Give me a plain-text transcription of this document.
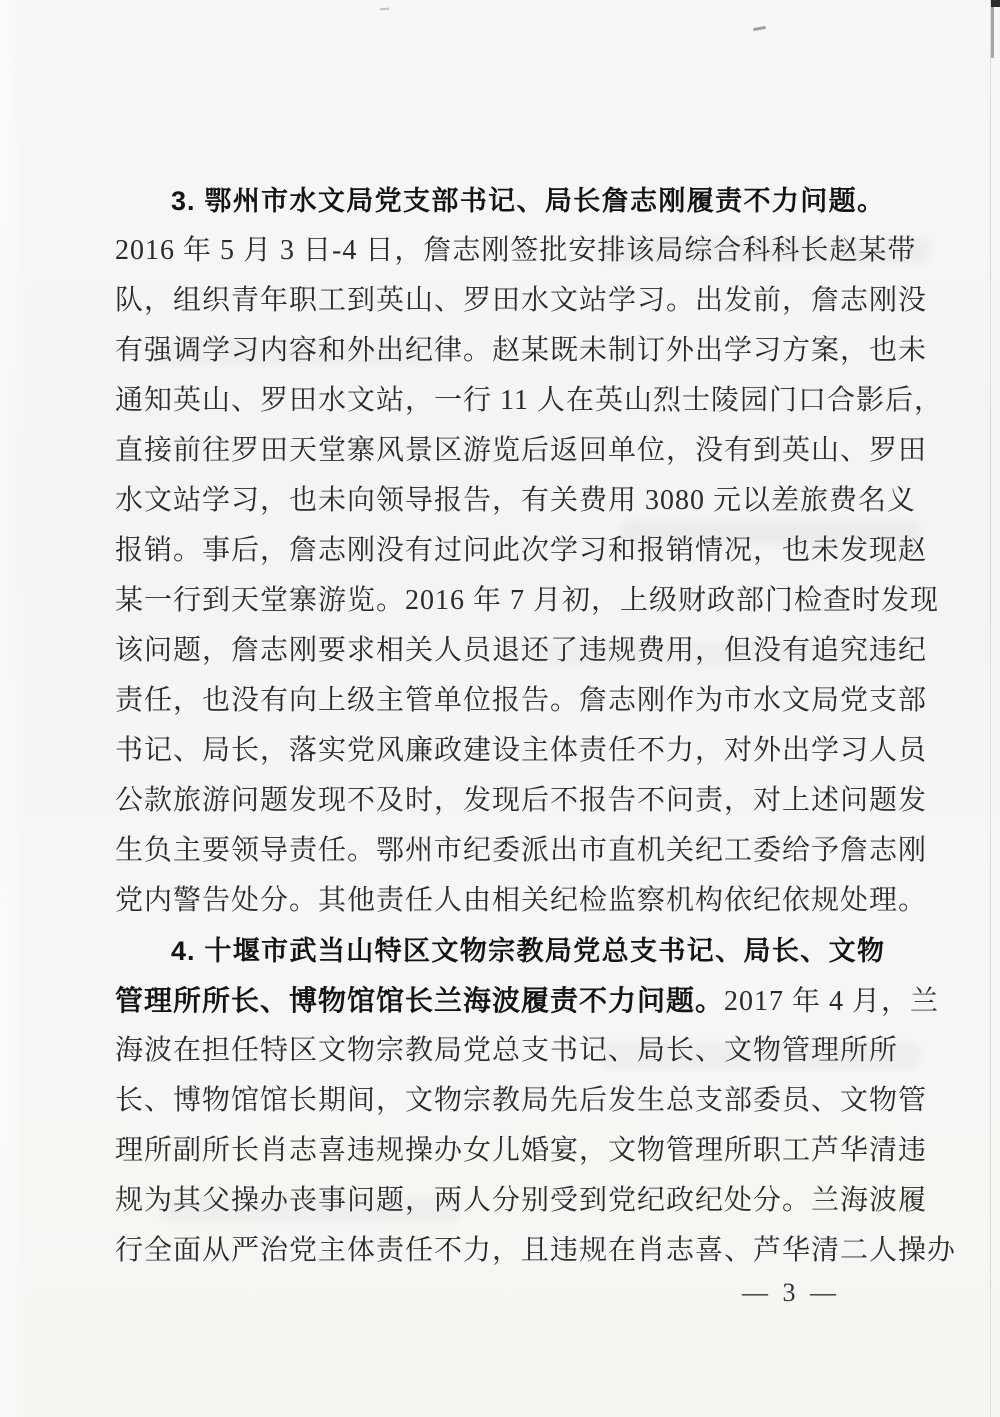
3. 鄂州市水文局党支部书记、局长詹志刚履责不力问题。
2016 年 5 月 3 日-4 日，詹志刚签批安排该局综合科科长赵某带
队，组织青年职工到英山、罗田水文站学习。出发前，詹志刚没
有强调学习内容和外出纪律。赵某既未制订外出学习方案，也未
通知英山、罗田水文站，一行 11 人在英山烈士陵园门口合影后，
直接前往罗田天堂寨风景区游览后返回单位，没有到英山、罗田
水文站学习，也未向领导报告，有关费用 3080 元以差旅费名义
报销。事后，詹志刚没有过问此次学习和报销情况，也未发现赵
某一行到天堂寨游览。2016 年 7 月初，上级财政部门检查时发现
该问题，詹志刚要求相关人员退还了违规费用，但没有追究违纪
责任，也没有向上级主管单位报告。詹志刚作为市水文局党支部
书记、局长，落实党风廉政建设主体责任不力，对外出学习人员
公款旅游问题发现不及时，发现后不报告不问责，对上述问题发
生负主要领导责任。鄂州市纪委派出市直机关纪工委给予詹志刚
党内警告处分。其他责任人由相关纪检监察机构依纪依规处理。
4. 十堰市武当山特区文物宗教局党总支书记、局长、文物
管理所所长、博物馆馆长兰海波履责不力问题。2017 年 4 月，兰
海波在担任特区文物宗教局党总支书记、局长、文物管理所所
长、博物馆馆长期间，文物宗教局先后发生总支部委员、文物管
理所副所长肖志喜违规操办女儿婚宴，文物管理所职工芦华清违
规为其父操办丧事问题，两人分别受到党纪政纪处分。兰海波履
行全面从严治党主体责任不力，且违规在肖志喜、芦华清二人操办
— 3 —
